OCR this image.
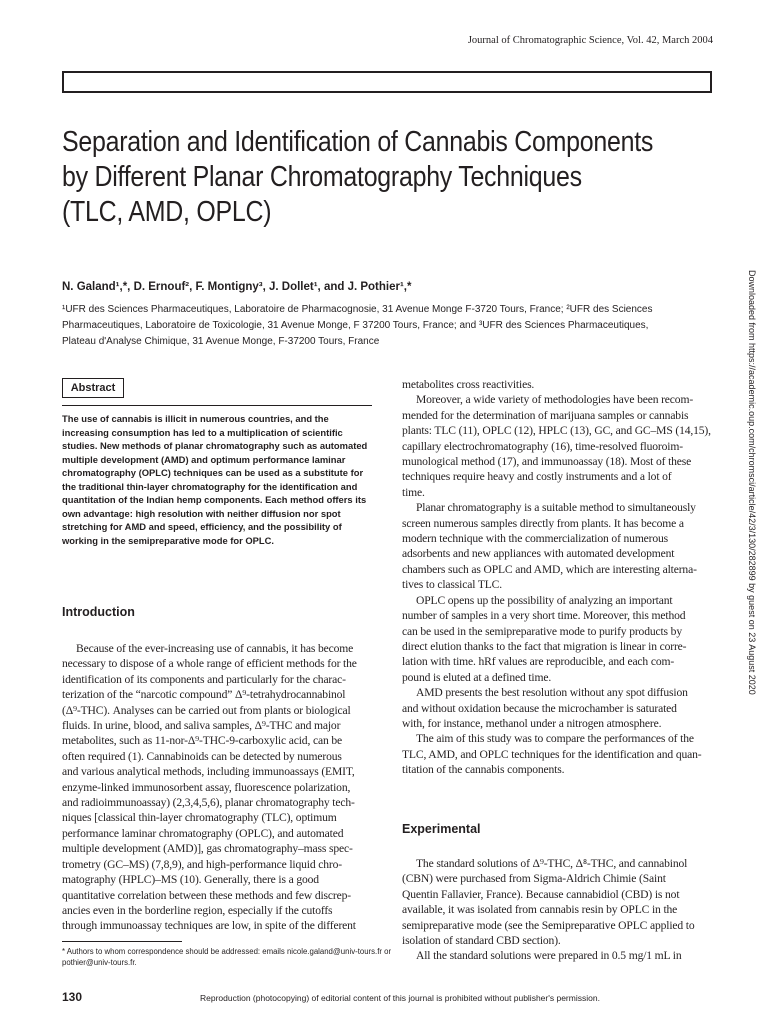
Journal of Chromatographic Science, Vol. 42, March 2004
Separation and Identification of Cannabis Components
by Different Planar Chromatography Techniques
(TLC, AMD, OPLC)
N. Galand¹,*, D. Ernouf², F. Montigny³, J. Dollet¹, and J. Pothier¹,*
¹UFR des Sciences Pharmaceutiques, Laboratoire de Pharmacognosie, 31 Avenue Monge F-3720 Tours, France; ²UFR des Sciences
Pharmaceutiques, Laboratoire de Toxicologie, 31 Avenue Monge, F 37200 Tours, France; and ³UFR des Sciences Pharmaceutiques,
Plateau d'Analyse Chimique, 31 Avenue Monge, F-37200 Tours, France	Downloaded from https://academic.oup.com/chromsci/article/42/3/130/282899 by guest on 23 August 2020
Abstract
The use of cannabis is illicit in numerous countries, and the
increasing consumption has led to a multiplication of scientific
studies. New methods of planar chromatography such as automated
multiple development (AMD) and optimum performance laminar
chromatography (OPLC) techniques can be used as a substitute for
the traditional thin-layer chromatography for the identification and
quantitation of the Indian hemp components. Each method offers its
own advantage: high resolution with neither diffusion nor spot
stretching for AMD and speed, efficiency, and the possibility of
working in the semipreparative mode for OPLC.
Introduction
Because of the ever-increasing use of cannabis, it has become
necessary to dispose of a whole range of efficient methods for the
identification of its components and particularly for the charac-
terization of the “narcotic compound” Δ⁹-tetrahydrocannabinol
(Δ⁹-THC). Analyses can be carried out from plants or biological
fluids. In urine, blood, and saliva samples, Δ⁹-THC and major
metabolites, such as 11-nor-Δ⁹-THC-9-carboxylic acid, can be
often required (1). Cannabinoids can be detected by numerous
and various analytical methods, including immunoassays (EMIT,
enzyme-linked immunosorbent assay, fluorescence polarization,
and radioimmunoassay) (2,3,4,5,6), planar chromatography tech-
niques [classical thin-layer chromatography (TLC), optimum
performance laminar chromatography (OPLC), and automated
multiple development (AMD)], gas chromatography–mass spec-
trometry (GC–MS) (7,8,9), and high-performance liquid chro-
matography (HPLC)–MS (10). Generally, there is a good
quantitative correlation between these methods and few discrep-
ancies even in the borderline region, especially if the cutoffs
through immunoassay techniques are low, in spite of the different
metabolites cross reactivities.
Moreover, a wide variety of methodologies have been recom-
mended for the determination of marijuana samples or cannabis
plants: TLC (11), OPLC (12), HPLC (13), GC, and GC–MS (14,15),
capillary electrochromatography (16), time-resolved fluoroim-
munological method (17), and immunoassay (18). Most of these
techniques require heavy and costly instruments and a lot of
time.
Planar chromatography is a suitable method to simultaneously
screen numerous samples directly from plants. It has become a
modern technique with the commercialization of numerous
adsorbents and new appliances with automated development
chambers such as OPLC and AMD, which are interesting alterna-
tives to classical TLC.
OPLC opens up the possibility of analyzing an important
number of samples in a very short time. Moreover, this method
can be used in the semipreparative mode to purify products by
direct elution thanks to the fact that migration is linear in corre-
lation with time. hRf values are reproducible, and each com-
pound is eluted at a defined time.
AMD presents the best resolution without any spot diffusion
and without oxidation because the microchamber is saturated
with, for instance, methanol under a nitrogen atmosphere.
The aim of this study was to compare the performances of the
TLC, AMD, and OPLC techniques for the identification and quan-
titation of the cannabis components.
Experimental
The standard solutions of Δ⁹-THC, Δ⁸-THC, and cannabinol
(CBN) were purchased from Sigma-Aldrich Chimie (Saint
Quentin Fallavier, France). Because cannabidiol (CBD) is not
available, it was isolated from cannabis resin by OPLC in the
semipreparative mode (see the Semipreparative OPLC applied to
isolation of standard CBD section).
All the standard solutions were prepared in 0.5 mg/1 mL in
* Authors to whom correspondence should be addressed: emails nicole.galand@univ-tours.fr or
pothier@univ-tours.fr.
130	Reproduction (photocopying) of editorial content of this journal is prohibited without publisher's permission.
